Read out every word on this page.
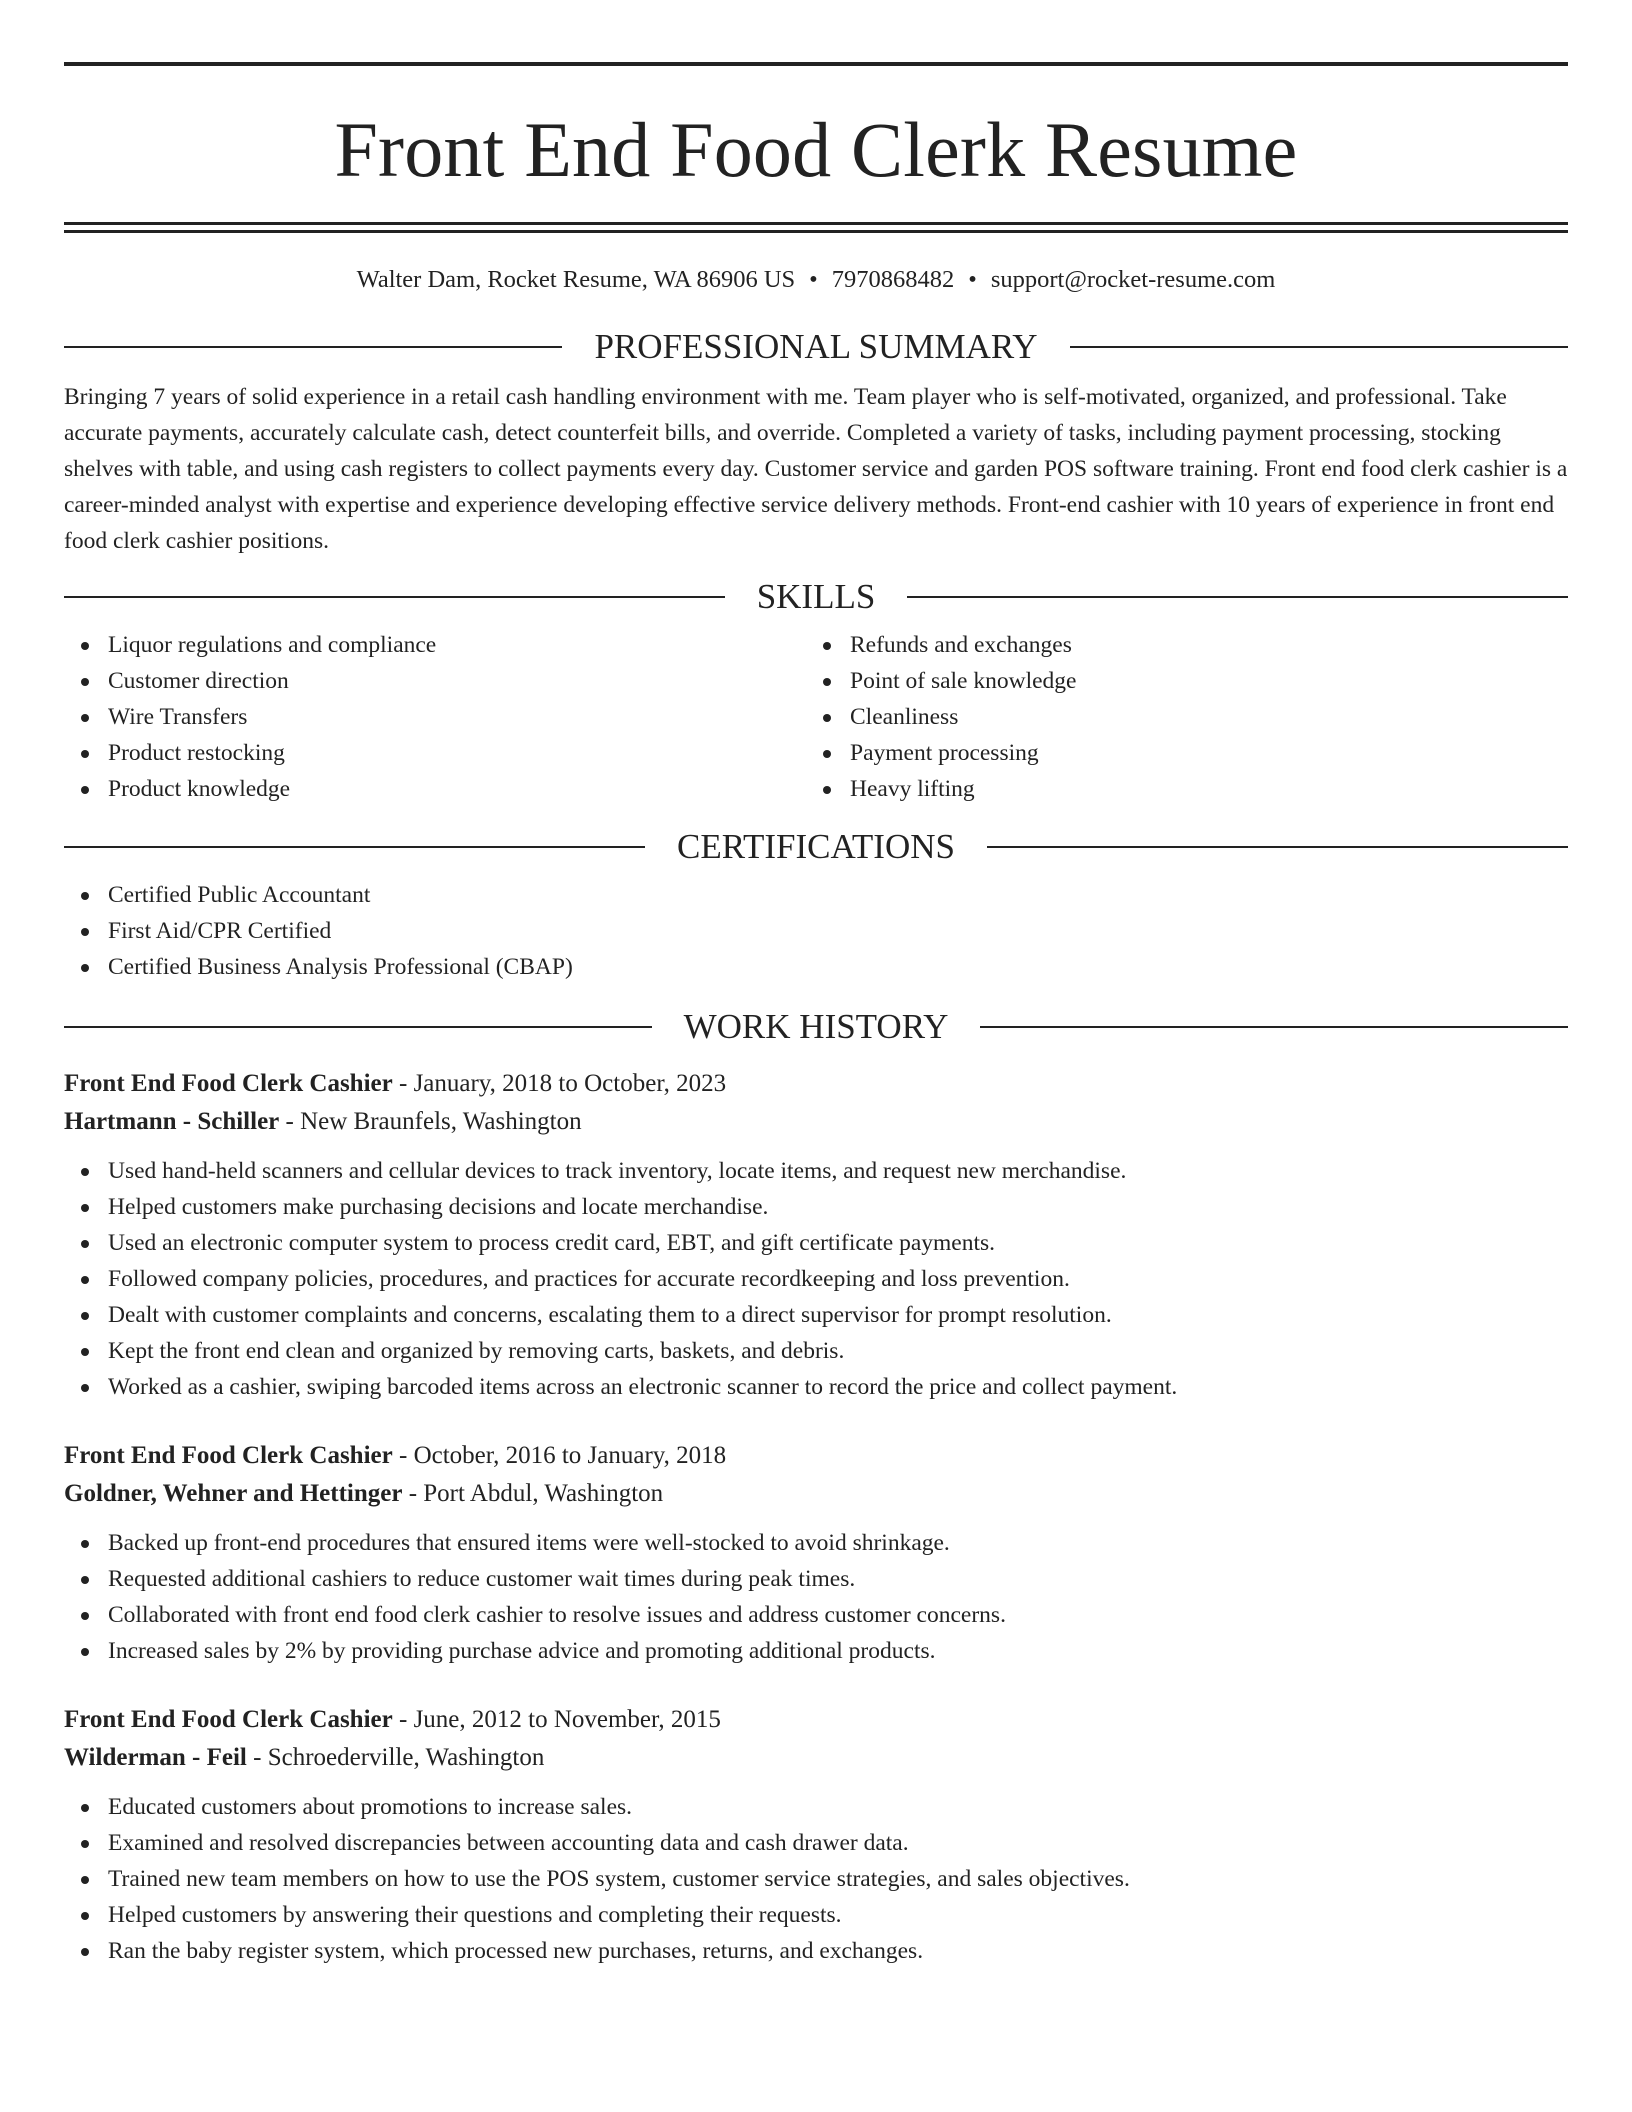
Front End Food Clerk Resume
Walter Dam, Rocket Resume, WA 86906 US • 7970868482 • support@rocket-resume.com
PROFESSIONAL SUMMARY

Bringing 7 years of solid experience in a retail cash handling environment with me. Team player who is self-motivated, organized, and professional. Take accurate payments, accurately calculate cash, detect counterfeit bills, and override. Completed a variety of tasks, including payment processing, stocking shelves with table, and using cash registers to collect payments every day. Customer service and garden POS software training. Front end food clerk cashier is a career-minded analyst with expertise and experience developing effective service delivery methods. Front-end cashier with 10 years of experience in front end food clerk cashier positions.

SKILLS
Liquor regulations and compliance
Customer direction
Wire Transfers
Product restocking
Product knowledge
Refunds and exchanges
Point of sale knowledge
Cleanliness
Payment processing
Heavy lifting
CERTIFICATIONS
Certified Public Accountant
First Aid/CPR Certified
Certified Business Analysis Professional (CBAP)
WORK HISTORY
Front End Food Clerk Cashier - January, 2018 to October, 2023
Hartmann - Schiller - New Braunfels, Washington
Used hand-held scanners and cellular devices to track inventory, locate items, and request new merchandise.
Helped customers make purchasing decisions and locate merchandise.
Used an electronic computer system to process credit card, EBT, and gift certificate payments.
Followed company policies, procedures, and practices for accurate recordkeeping and loss prevention.
Dealt with customer complaints and concerns, escalating them to a direct supervisor for prompt resolution.
Kept the front end clean and organized by removing carts, baskets, and debris.
Worked as a cashier, swiping barcoded items across an electronic scanner to record the price and collect payment.
Front End Food Clerk Cashier - October, 2016 to January, 2018
Goldner, Wehner and Hettinger - Port Abdul, Washington
Backed up front-end procedures that ensured items were well-stocked to avoid shrinkage.
Requested additional cashiers to reduce customer wait times during peak times.
Collaborated with front end food clerk cashier to resolve issues and address customer concerns.
Increased sales by 2% by providing purchase advice and promoting additional products.
Front End Food Clerk Cashier - June, 2012 to November, 2015
Wilderman - Feil - Schroederville, Washington
Educated customers about promotions to increase sales.
Examined and resolved discrepancies between accounting data and cash drawer data.
Trained new team members on how to use the POS system, customer service strategies, and sales objectives.
Helped customers by answering their questions and completing their requests.
Ran the baby register system, which processed new purchases, returns, and exchanges.
